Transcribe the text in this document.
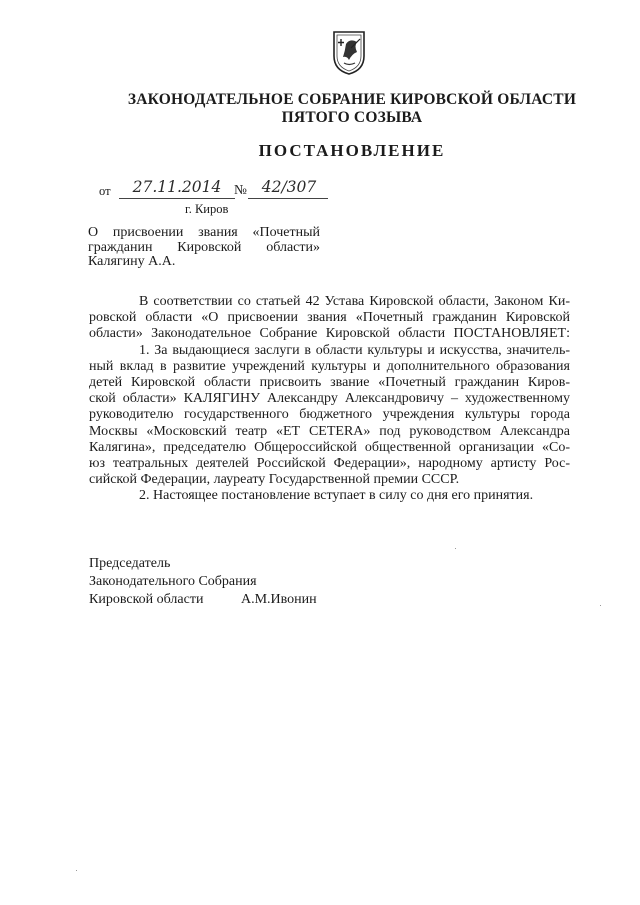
ЗАКОНОДАТЕЛЬНОЕ СОБРАНИЕ КИРОВСКОЙ ОБЛАСТИ
ПЯТОГО СОЗЫВА
ПОСТАНОВЛЕНИЕ
от	27.11.2014 № 42/307
г. Киров
О присвоении звания «Почетный
гражданин Кировской области»
Калягину А.А.
В соответствии со статьей 42 Устава Кировской области, Законом Ки-
ровской области «О присвоении звания «Почетный гражданин Кировской
области» Законодательное Собрание Кировской области ПОСТАНОВЛЯЕТ:
1. За выдающиеся заслуги в области культуры и искусства, значитель-
ный вклад в развитие учреждений культуры и дополнительного образования
детей Кировской области присвоить звание «Почетный гражданин Киров-
ской области» КАЛЯГИНУ Александру Александровичу – художественному
руководителю государственного бюджетного учреждения культуры города
Москвы «Московский театр «ЕТ CETERA» под руководством Александра
Калягина», председателю Общероссийской общественной организации «Со-
юз театральных деятелей Российской Федерации», народному артисту Рос-
сийской Федерации, лауреату Государственной премии СССР.
2. Настоящее постановление вступает в силу со дня его принятия.
Председатель
Законодательного Собрания
Кировской области	А.М.Ивонин
